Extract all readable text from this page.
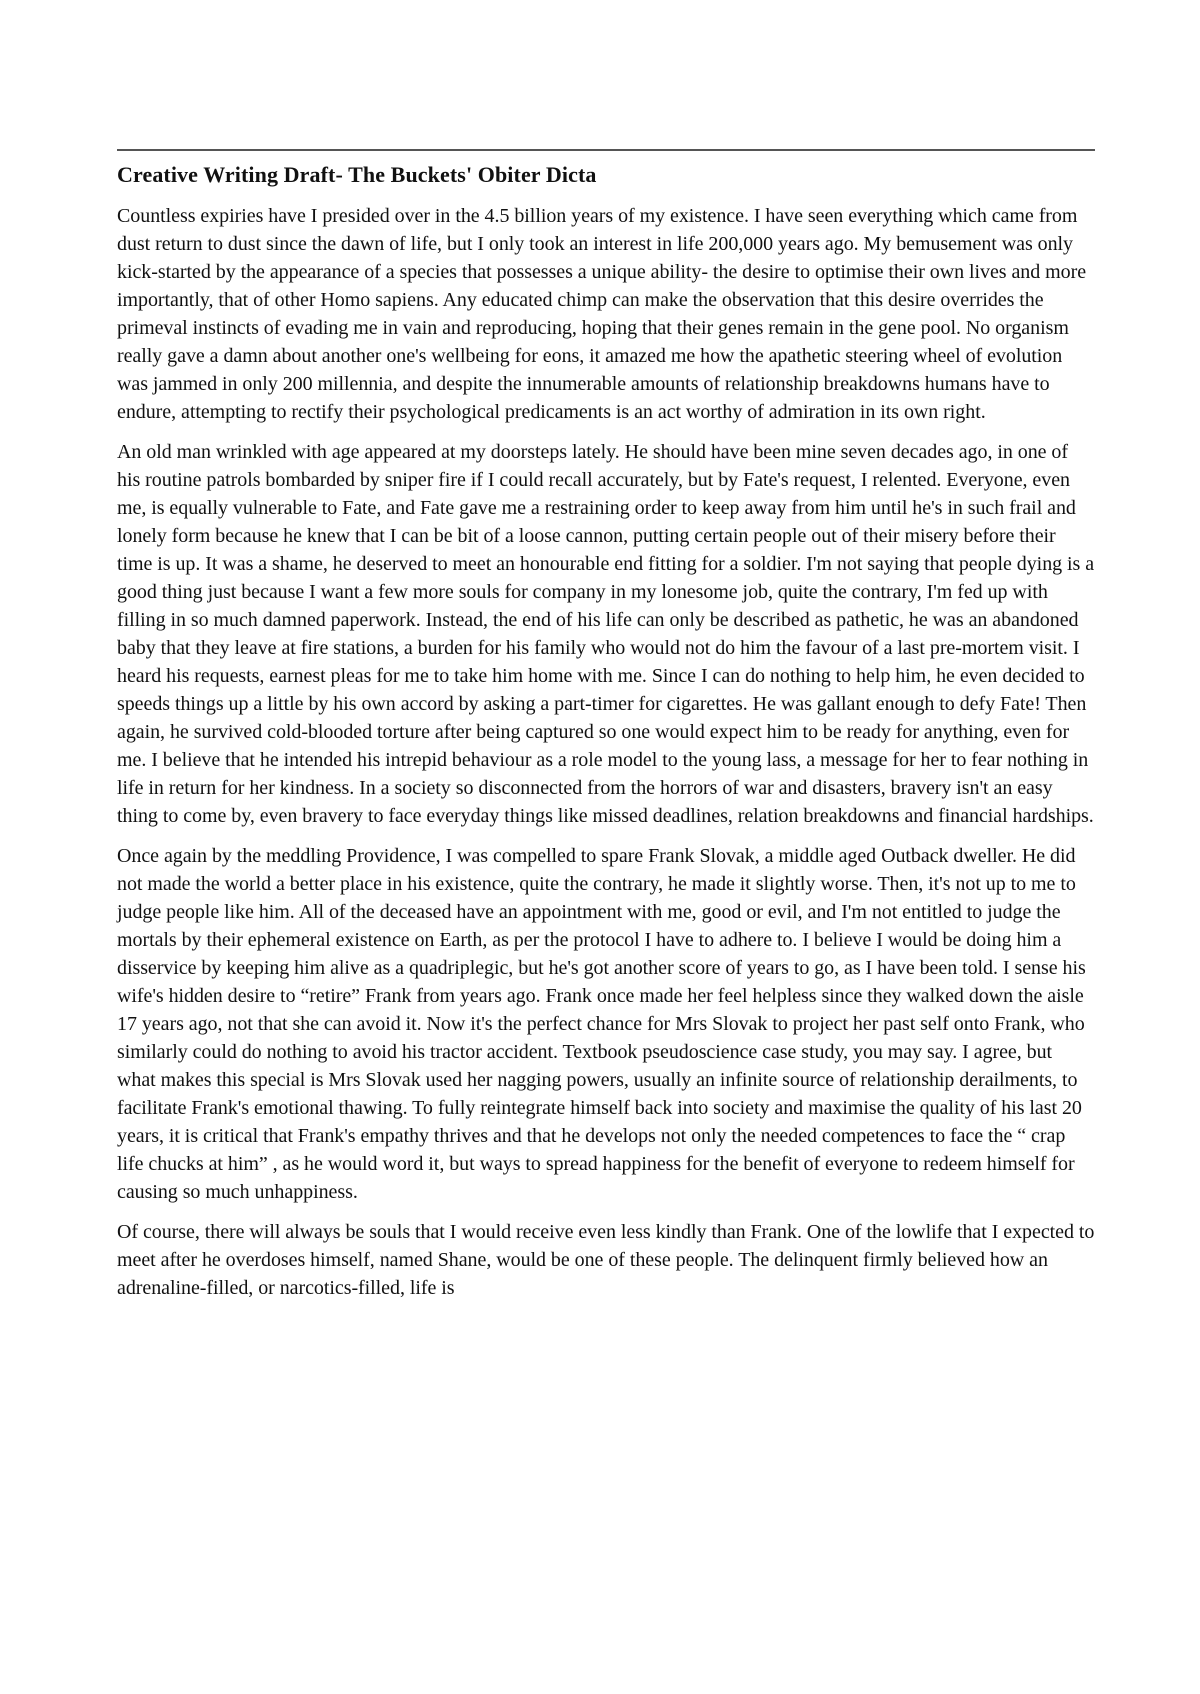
Creative Writing Draft- The Buckets' Obiter Dicta

Countless expiries have I presided over in the 4.5 billion years of my existence. I have seen everything which came from dust return to dust since the dawn of life, but I only took an interest in life 200,000 years ago. My bemusement was only kick-started by the appearance of a species that possesses a unique ability- the desire to optimise their own lives and more importantly, that of other Homo sapiens. Any educated chimp can make the observation that this desire overrides the primeval instincts of evading me in vain and reproducing, hoping that their genes remain in the gene pool. No organism really gave a damn about another one's wellbeing for eons, it amazed me how the apathetic steering wheel of evolution was jammed in only 200 millennia, and despite the innumerable amounts of relationship breakdowns humans have to endure, attempting to rectify their psychological predicaments is an act worthy of admiration in its own right.

An old man wrinkled with age appeared at my doorsteps lately. He should have been mine seven decades ago, in one of his routine patrols bombarded by sniper fire if I could recall accurately, but by Fate's request, I relented. Everyone, even me, is equally vulnerable to Fate, and Fate gave me a restraining order to keep away from him until he's in such frail and lonely form because he knew that I can be bit of a loose cannon, putting certain people out of their misery before their time is up. It was a shame, he deserved to meet an honourable end fitting for a soldier. I'm not saying that people dying is a good thing just because I want a few more souls for company in my lonesome job, quite the contrary, I'm fed up with filling in so much damned paperwork. Instead, the end of his life can only be described as pathetic, he was an abandoned baby that they leave at fire stations, a burden for his family who would not do him the favour of a last pre-mortem visit. I heard his requests, earnest pleas for me to take him home with me. Since I can do nothing to help him, he even decided to speeds things up a little by his own accord by asking a part-timer for cigarettes. He was gallant enough to defy Fate! Then again, he survived cold-blooded torture after being captured so one would expect him to be ready for anything, even for me. I believe that he intended his intrepid behaviour as a role model to the young lass, a message for her to fear nothing in life in return for her kindness. In a society so disconnected from the horrors of war and disasters, bravery isn't an easy thing to come by, even bravery to face everyday things like missed deadlines, relation breakdowns and financial hardships.

Once again by the meddling Providence, I was compelled to spare Frank Slovak, a middle aged Outback dweller. He did not made the world a better place in his existence, quite the contrary, he made it slightly worse. Then, it's not up to me to judge people like him. All of the deceased have an appointment with me, good or evil, and I'm not entitled to judge the mortals by their ephemeral existence on Earth, as per the protocol I have to adhere to. I believe I would be doing him a disservice by keeping him alive as a quadriplegic, but he's got another score of years to go, as I have been told. I sense his wife's hidden desire to “retire” Frank from years ago. Frank once made her feel helpless since they walked down the aisle 17 years ago, not that she can avoid it. Now it's the perfect chance for Mrs Slovak to project her past self onto Frank, who similarly could do nothing to avoid his tractor accident. Textbook pseudoscience case study, you may say. I agree, but what makes this special is Mrs Slovak used her nagging powers, usually an infinite source of relationship derailments, to facilitate Frank's emotional thawing. To fully reintegrate himself back into society and maximise the quality of his last 20 years, it is critical that Frank's empathy thrives and that he develops not only the needed competences to face the “ crap life chucks at him” , as he would word it, but ways to spread happiness for the benefit of everyone to redeem himself for causing so much unhappiness.

Of course, there will always be souls that I would receive even less kindly than Frank. One of the lowlife that I expected to meet after he overdoses himself, named Shane, would be one of these people. The delinquent firmly believed how an adrenaline-filled, or narcotics-filled, life is
